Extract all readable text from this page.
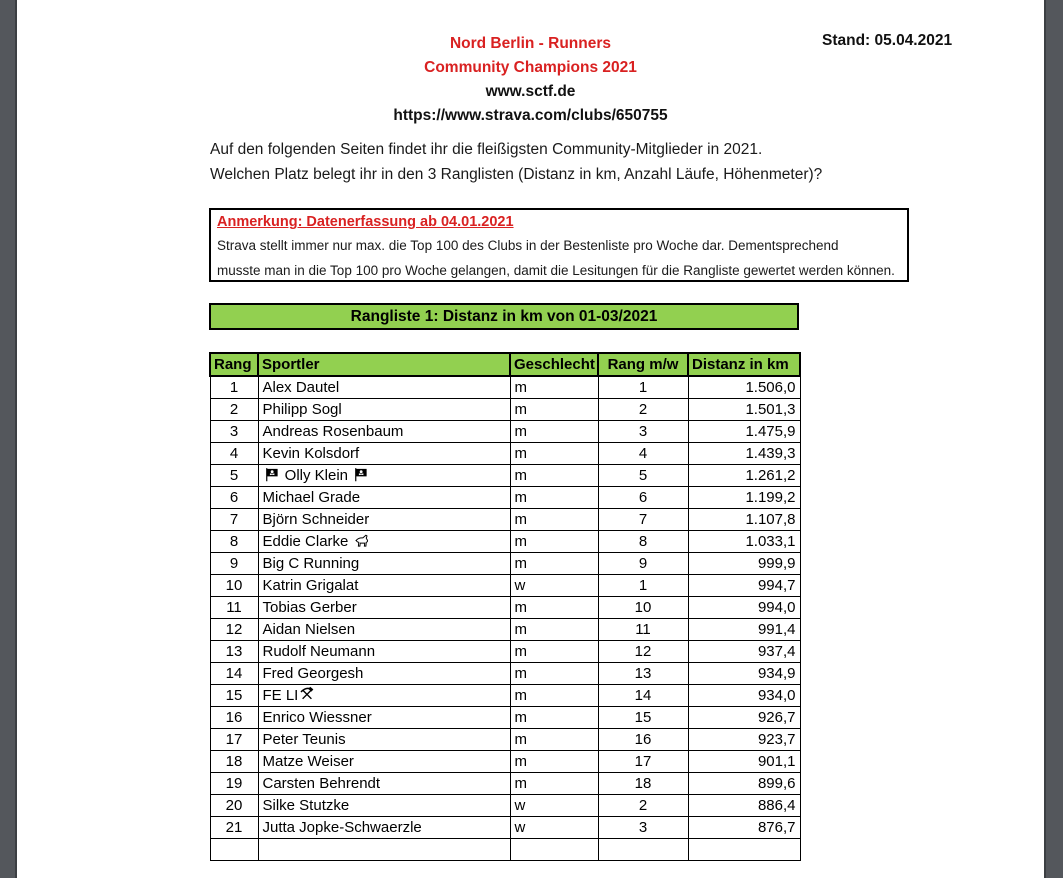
Nord Berlin - Runners
Community Champions 2021
www.sctf.de
https://www.strava.com/clubs/650755
Stand: 05.04.2021
Auf den folgenden Seiten findet ihr die fleißigsten Community-Mitglieder in 2021.
Welchen Platz belegt ihr in den 3 Ranglisten (Distanz in km, Anzahl Läufe, Höhenmeter)?
Anmerkung: Datenerfassung ab 04.01.2021
Strava stellt immer nur max. die Top 100 des Clubs in der Bestenliste pro Woche dar. Dementsprechend
musste man in die Top 100 pro Woche gelangen, damit die Lesitungen für die Rangliste gewertet werden können.
Rangliste 1: Distanz in km von 01-03/2021
Rang	Sportler	Geschlecht	Rang m/w	Distanz in km
1	Alex Dautel	m	1	1.506,0
2	Philipp Sogl	m	2	1.501,3
3	Andreas Rosenbaum	m	3	1.475,9
4	Kevin Kolsdorf	m	4	1.439,3
5	Olly Klein	m	5	1.261,2
6	Michael Grade	m	6	1.199,2
7	Björn Schneider	m	7	1.107,8
8	Eddie Clarke	m	8	1.033,1
9	Big C Running	m	9	999,9
10	Katrin Grigalat	w	1	994,7
11	Tobias Gerber	m	10	994,0
12	Aidan Nielsen	m	11	991,4
13	Rudolf Neumann	m	12	937,4
14	Fred Georgesh	m	13	934,9
15	FE LI	m	14	934,0
16	Enrico Wiessner	m	15	926,7
17	Peter Teunis	m	16	923,7
18	Matze Weiser	m	17	901,1
19	Carsten Behrendt	m	18	899,6
20	Silke Stutzke	w	2	886,4
21	Jutta Jopke-Schwaerzle	w	3	876,7
